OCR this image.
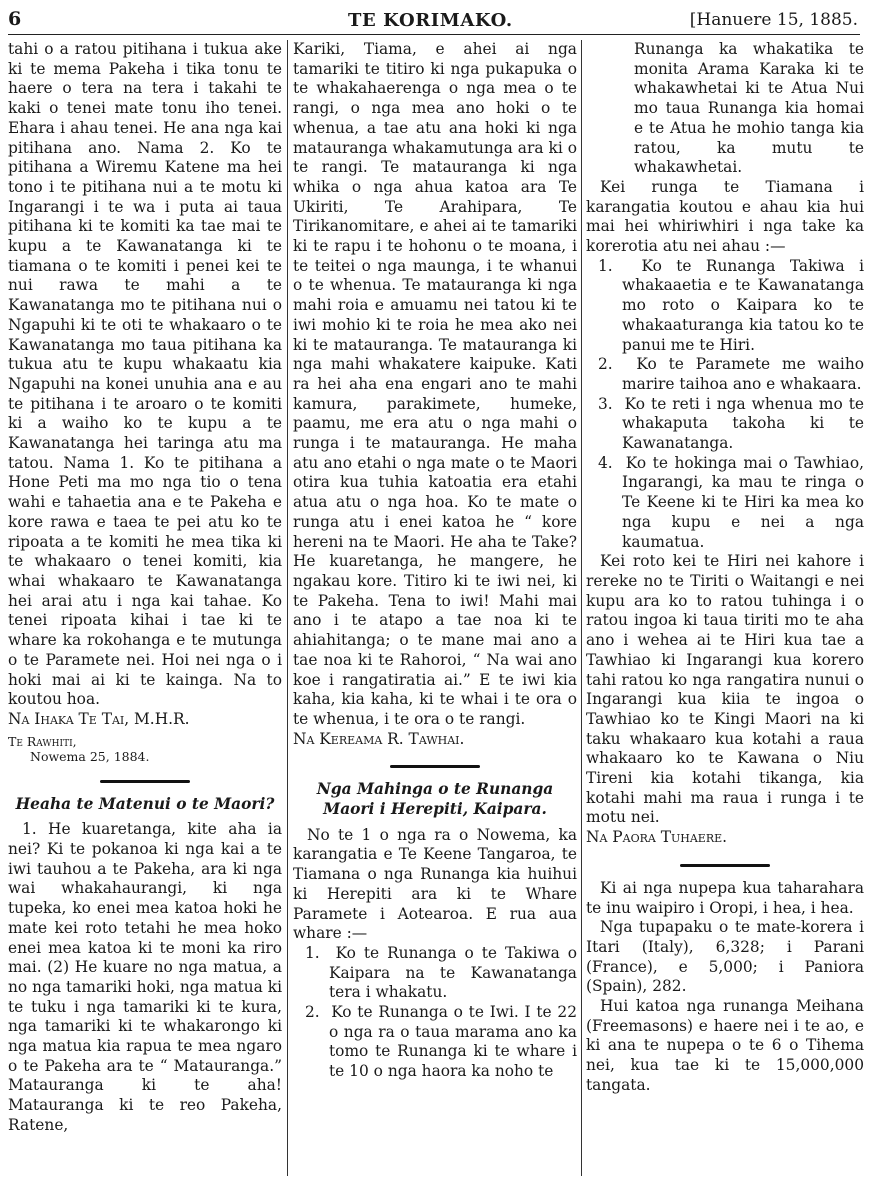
6	TE KORIMAKO.	[Hanuere 15, 1885.

tahi o a ratou pitihana i tukua ake ki te mema Pakeha i tika tonu te haere o tera na tera i takahi te kaki o tenei mate tonu iho tenei. Ehara i ahau tenei. He ana nga kai pitihana ano. Nama 2. Ko te pitihana a Wiremu Katene ma hei tono i te pitihana nui a te motu ki Ingarangi i te wa i puta ai taua pitihana ki te komiti ka tae mai te kupu a te Kawanatanga ki te tiamana o te komiti i penei kei te nui rawa te mahi a te Kawanatanga mo te pitihana nui o Ngapuhi ki te oti te whakaaro o te Kawanatanga mo taua pitihana ka tukua atu te kupu whakaatu kia Ngapuhi na konei unuhia ana e au te pitihana i te aroaro o te komiti ki a waiho ko te kupu a te Kawanatanga hei taringa atu ma tatou. Nama 1. Ko te pitihana a Hone Peti ma mo nga tio o tena wahi e tahaetia ana e te Pakeha e kore rawa e taea te pei atu ko te ripoata a te komiti he mea tika ki te whakaaro o tenei komiti, kia whai whakaaro te Kawanatanga hei arai atu i nga kai tahae. Ko tenei ripoata kihai i tae ki te whare ka rokohanga e te mutunga o te Paramete nei. Hoi nei nga o i hoki mai ai ki te kainga. Na to koutou hoa.

Na Ihaka Te Tai, M.H.R.

Te Rawhiti,
Nowema 25, 1884.
Heaha te Matenui o te Maori?

1. He kuaretanga, kite aha ia nei? Ki te pokanoa ki nga kai a te iwi tauhou a te Pakeha, ara ki nga wai whakahaurangi, ki nga tupeka, ko enei mea katoa hoki he mate kei roto tetahi he mea hoko enei mea katoa ki te moni ka riro mai. (2) He kuare no nga matua, a no nga tamariki hoki, nga matua ki te tuku i nga tamariki ki te kura, nga tamariki ki te whakarongo ki nga matua kia rapua te mea ngaro o te Pakeha ara te “ Matauranga.” Matauranga ki te aha! Matauranga ki te reo Pakeha, Ratene,

Kariki, Tiama, e ahei ai nga tamariki te titiro ki nga pukapuka o te whakahaerenga o nga mea o te rangi, o nga mea ano hoki o te whenua, a tae atu ana hoki ki nga matauranga whakamutunga ara ki o te rangi. Te matauranga ki nga whika o nga ahua katoa ara Te Ukiriti, Te Arahipara, Te Tirikanomitare, e ahei ai te tamariki ki te rapu i te hohonu o te moana, i te teitei o nga maunga, i te whanui o te whenua. Te matauranga ki nga mahi roia e amuamu nei tatou ki te iwi mohio ki te roia he mea ako nei ki te matauranga. Te matauranga ki nga mahi whakatere kaipuke. Kati ra hei aha ena engari ano te mahi kamura, parakimete, humeke, paamu, me era atu o nga mahi o runga i te matauranga. He maha atu ano etahi o nga mate o te Maori otira kua tuhia katoatia era etahi atua atu o nga hoa. Ko te mate o runga atu i enei katoa he “ kore hereni na te Maori. He aha te Take? He kuaretanga, he mangere, he ngakau kore. Titiro ki te iwi nei, ki te Pakeha. Tena to iwi! Mahi mai ano i te atapo a tae noa ki te ahiahitanga; o te mane mai ano a tae noa ki te Rahoroi, “ Na wai ano koe i rangatiratia ai.” E te iwi kia kaha, kia kaha, ki te whai i te ora o te whenua, i te ora o te rangi.

Na Kereama R. Tawhai.

Nga Mahinga o te Runanga Maori i Herepiti, Kaipara.

No te 1 o nga ra o Nowema, ka karangatia e Te Keene Tangaroa, te Tiamana o nga Runanga kia huihui ki Herepiti ara ki te Whare Paramete i Aotearoa. E rua aua whare :—

1. Ko te Runanga o te Takiwa o Kaipara na te Kawanatanga tera i whakatu.

2. Ko te Runanga o te Iwi. I te 22 o nga ra o taua marama ano ka tomo te Runanga ki te whare i te 10 o nga haora ka noho te

Runanga ka whakatika te monita Arama Karaka ki te whakawhetai ki te Atua Nui mo taua Runanga kia homai e te Atua he mohio tanga kia ratou, ka mutu te whakawhetai.

Kei runga te Tiamana i karangatia koutou e ahau kia hui mai hei whiriwhiri i nga take ka korerotia atu nei ahau :—

1. Ko te Runanga Takiwa i whakaaetia e te Kawanatanga mo roto o Kaipara ko te whakaaturanga kia tatou ko te panui me te Hiri.

2. Ko te Paramete me waiho marire taihoa ano e whakaara.

3. Ko te reti i nga whenua mo te whakaputa takoha ki te Kawanatanga.

4. Ko te hokinga mai o Tawhiao, Ingarangi, ka mau te ringa o Te Keene ki te Hiri ka mea ko nga kupu e nei a nga kaumatua.

Kei roto kei te Hiri nei kahore i rereke no te Tiriti o Waitangi e nei kupu ara ko to ratou tuhinga i o ratou ingoa ki taua tiriti mo te aha ano i wehea ai te Hiri kua tae a Tawhiao ki Ingarangi kua korero tahi ratou ko nga rangatira nunui o Ingarangi kua kiia te ingoa o Tawhiao ko te Kingi Maori na ki taku whakaaro kua kotahi a raua whakaaro ko te Kawana o Niu Tireni kia kotahi tikanga, kia kotahi mahi ma raua i runga i te motu nei.

Na Paora Tuhaere.

Ki ai nga nupepa kua taharahara te inu waipiro i Oropi, i hea, i hea.

Nga tupapaku o te mate-korera i Itari (Italy), 6,328; i Parani (France), e 5,000; i Paniora (Spain), 282.

Hui katoa nga runanga Meihana (Freemasons) e haere nei i te ao, e ki ana te nupepa o te 6 o Tihema nei, kua tae ki te 15,000,000 tangata.
